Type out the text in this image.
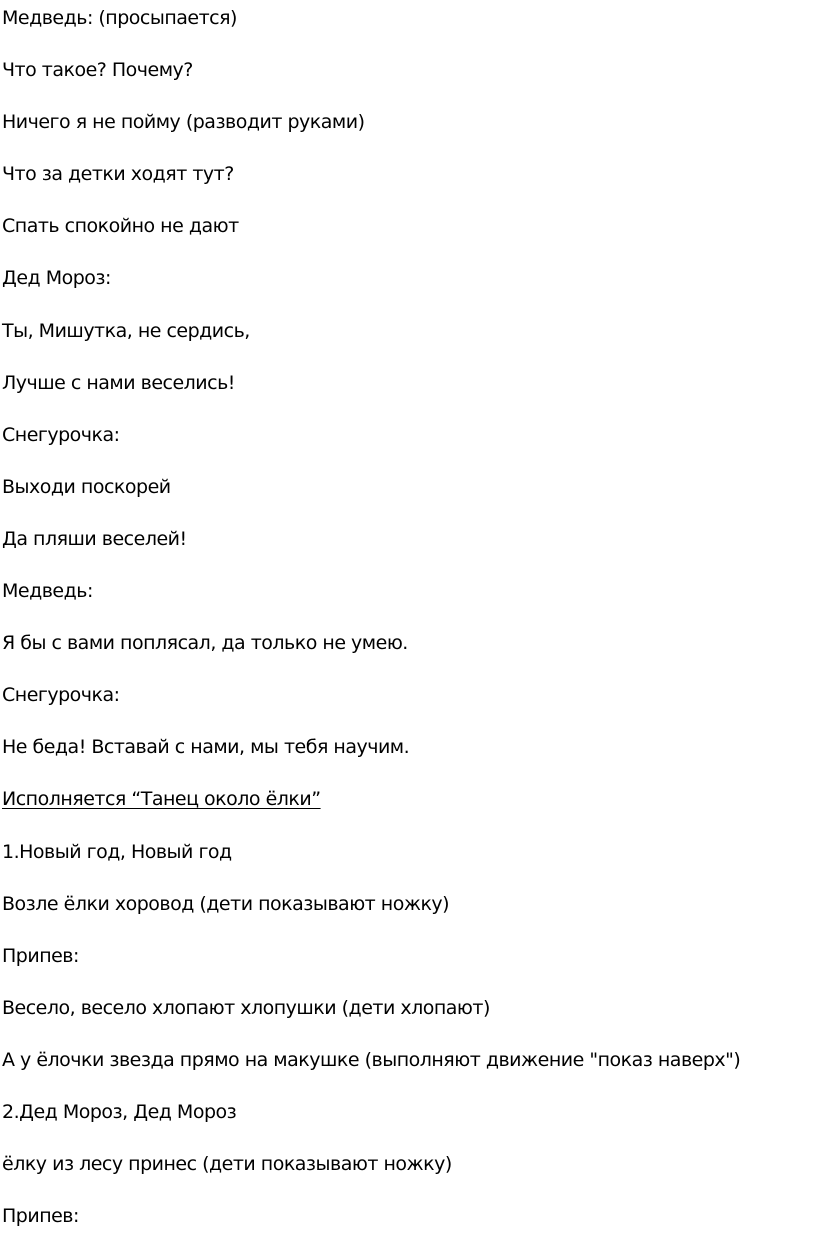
Медведь: (просыпается)
Что такое? Почему?
Ничего я не пойму (разводит руками)
Что за детки ходят тут?
Спать спокойно не дают
Дед Мороз:
Ты, Мишутка, не сердись,
Лучше с нами веселись!
Снегурочка:
Выходи поскорей
Да пляши веселей!
Медведь:
Я бы с вами поплясал, да только не умею.
Снегурочка:
Не беда! Вставай с нами, мы тебя научим.
Исполняется “Танец около ёлки”
1.Новый год, Новый год
Возле ёлки хоровод (дети показывают ножку)
Припев:
Весело, весело хлопают хлопушки (дети хлопают)
А у ёлочки звезда прямо на макушке (выполняют движение "показ наверх")
2.Дед Мороз, Дед Мороз
ёлку из лесу принес (дети показывают ножку)
Припев:
